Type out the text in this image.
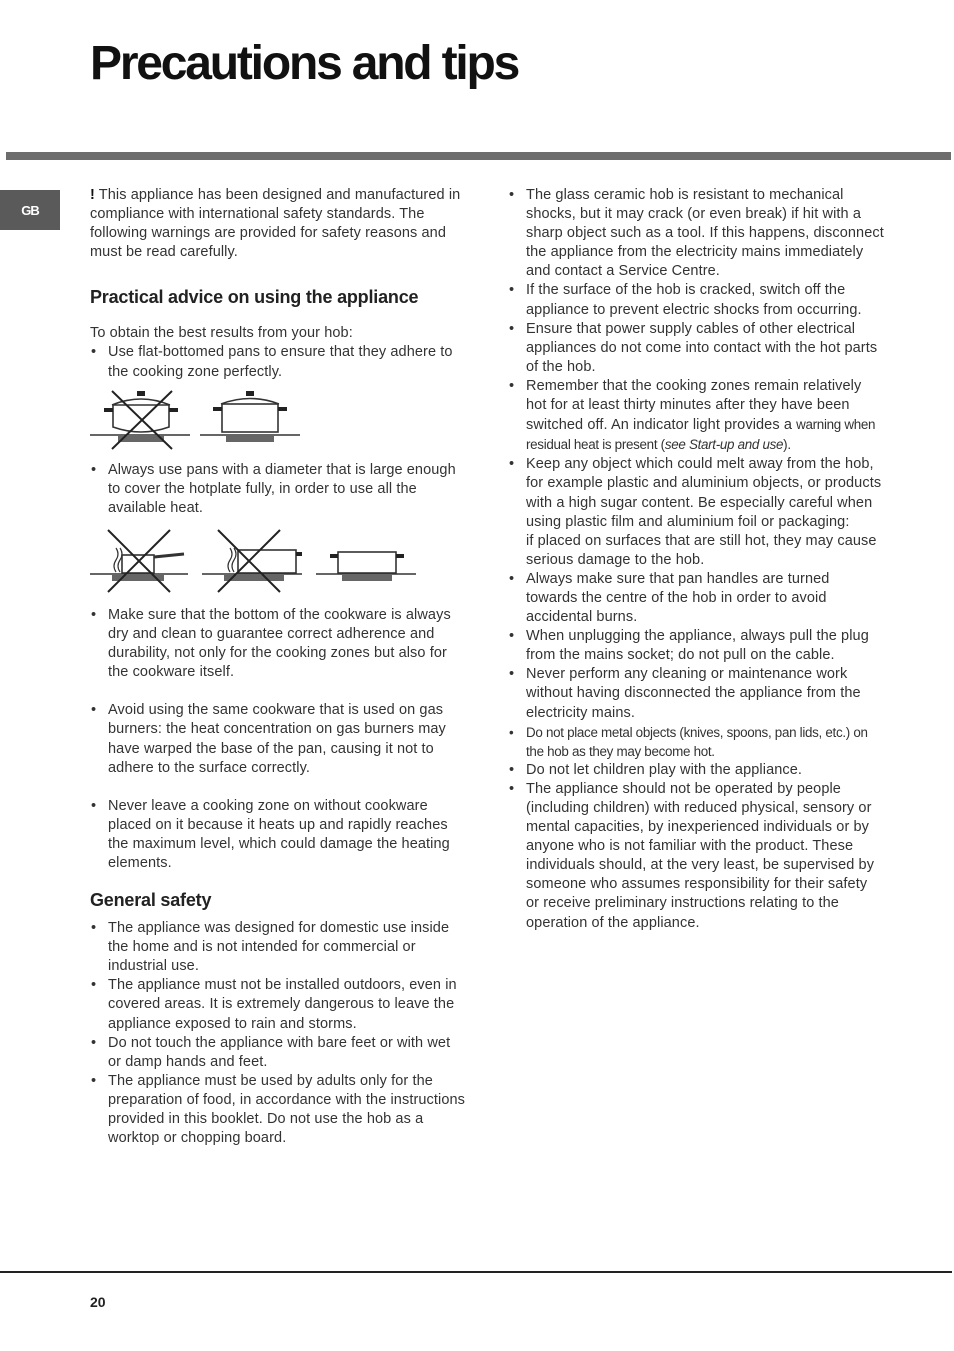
Precautions and tips
GB

! This appliance has been designed and manufactured in compliance with international safety standards. The following warnings are provided for safety reasons and must be read carefully.

Practical advice on using the appliance

To obtain the best results from your hob:

• Use flat-bottomed pans to ensure that they adhere to the cooking zone perfectly.
• Always use pans with a diameter that is large enough to cover the hotplate fully, in order to use all the available heat.
• Make sure that the bottom of the cookware is always dry and clean to guarantee correct adherence and durability, not only for the cooking zones but also for the cookware itself.
• Avoid using the same cookware that is used on gas burners: the heat concentration on gas burners may have warped the base of the pan, causing it not to adhere to the surface correctly.
• Never leave a cooking zone on without cookware placed on it because it heats up and rapidly reaches the maximum level, which could damage the heating elements.
General safety
• The appliance was designed for domestic use inside the home and is not intended for commercial or industrial use.
• The appliance must not be installed outdoors, even in covered areas. It is extremely dangerous to leave the appliance exposed to rain and storms.
• Do not touch the appliance with bare feet or with wet or damp hands and feet.
• The appliance must be used by adults only for the preparation of food, in accordance with the instructions provided in this booklet. Do not use the hob as a worktop or chopping board.
• The glass ceramic hob is resistant to mechanical shocks, but it may crack (or even break) if hit with a sharp object such as a tool. If this happens, disconnect the appliance from the electricity mains immediately and contact a Service Centre.
• If the surface of the hob is cracked, switch off the appliance to prevent electric shocks from occurring.
• Ensure that power supply cables of other electrical appliances do not come into contact with the hot parts of the hob.
• Remember that the cooking zones remain relatively hot for at least thirty minutes after they have been switched off. An indicator light provides a warning when residual heat is present (see Start-up and use).
• Keep any object which could melt away from the hob, for example plastic and aluminium objects, or products with a high sugar content. Be especially careful when using plastic film and aluminium foil or packaging:
if placed on surfaces that are still hot, they may cause serious damage to the hob.
• Always make sure that pan handles are turned towards the centre of the hob in order to avoid accidental burns.
• When unplugging the appliance, always pull the plug from the mains socket; do not pull on the cable.
• Never perform any cleaning or maintenance work without having disconnected the appliance from the electricity mains.
• Do not place metal objects (knives, spoons, pan lids, etc.) on the hob as they may become hot.
• Do not let children play with the appliance.
• The appliance should not be operated by people (including children) with reduced physical, sensory or mental capacities, by inexperienced individuals or by anyone who is not familiar with the product. These individuals should, at the very least, be supervised by someone who assumes responsibility for their safety or receive preliminary instructions relating to the operation of the appliance.
20
